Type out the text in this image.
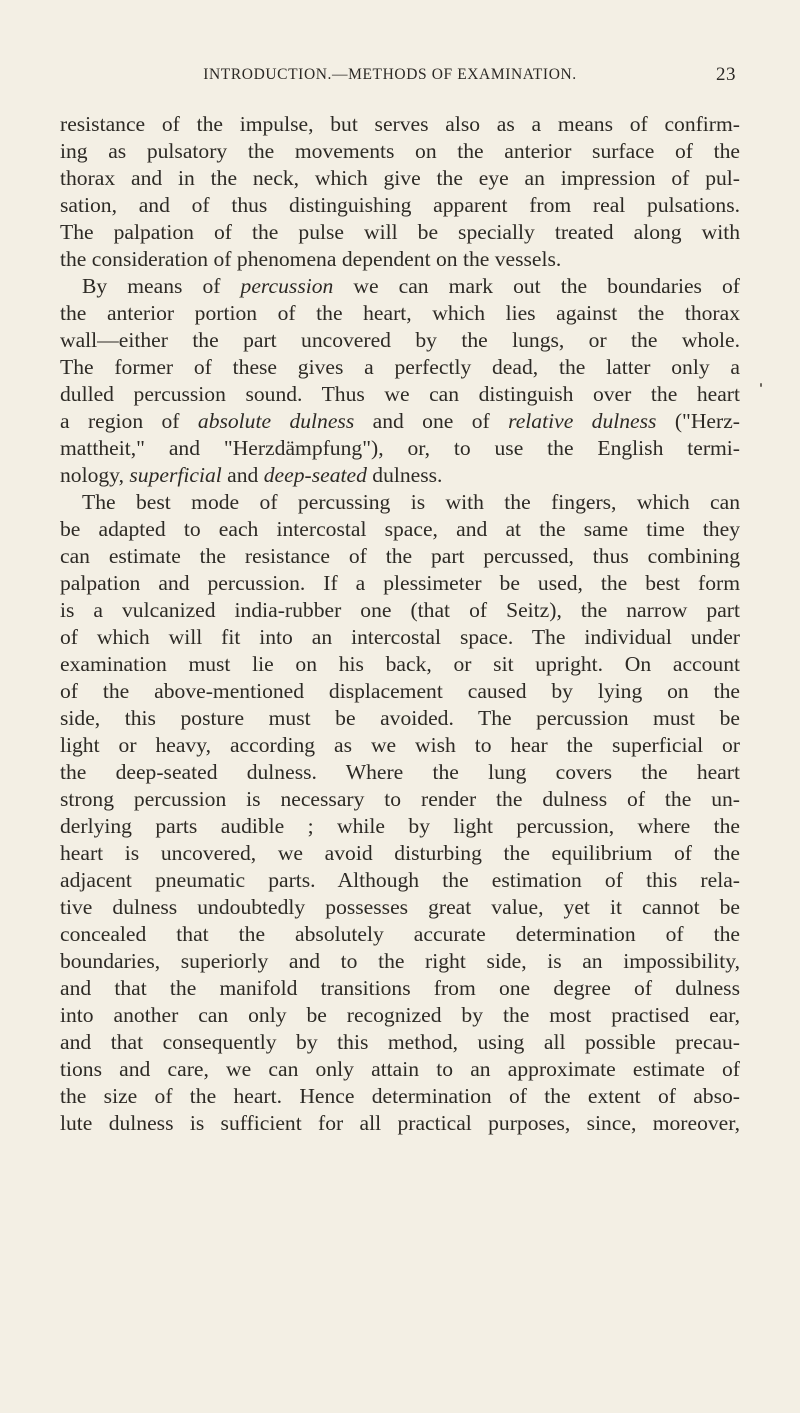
INTRODUCTION.—METHODS OF EXAMINATION.	23
resistance of the impulse, but serves also as a means of confirm-
ing as pulsatory the movements on the anterior surface of the
thorax and in the neck, which give the eye an impression of pul-
sation, and of thus distinguishing apparent from real pulsations.
The palpation of the pulse will be specially treated along with
the consideration of phenomena dependent on the vessels.
By means of percussion we can mark out the boundaries of
the anterior portion of the heart, which lies against the thorax
wall—either the part uncovered by the lungs, or the whole.
The former of these gives a perfectly dead, the latter only a
dulled percussion sound. Thus we can distinguish over the heart
a region of absolute dulness and one of relative dulness ("Herz-
mattheit," and "Herzdämpfung"), or, to use the English termi-
nology, superficial and deep-seated dulness.
The best mode of percussing is with the fingers, which can
be adapted to each intercostal space, and at the same time they
can estimate the resistance of the part percussed, thus combining
palpation and percussion. If a plessimeter be used, the best form
is a vulcanized india-rubber one (that of Seitz), the narrow part
of which will fit into an intercostal space. The individual under
examination must lie on his back, or sit upright. On account
of the above-mentioned displacement caused by lying on the
side, this posture must be avoided. The percussion must be
light or heavy, according as we wish to hear the superficial or
the deep-seated dulness. Where the lung covers the heart
strong percussion is necessary to render the dulness of the un-
derlying parts audible ; while by light percussion, where the
heart is uncovered, we avoid disturbing the equilibrium of the
adjacent pneumatic parts. Although the estimation of this rela-
tive dulness undoubtedly possesses great value, yet it cannot be
concealed that the absolutely accurate determination of the
boundaries, superiorly and to the right side, is an impossibility,
and that the manifold transitions from one degree of dulness
into another can only be recognized by the most practised ear,
and that consequently by this method, using all possible precau-
tions and care, we can only attain to an approximate estimate of
the size of the heart. Hence determination of the extent of abso-
lute dulness is sufficient for all practical purposes, since, moreover,
